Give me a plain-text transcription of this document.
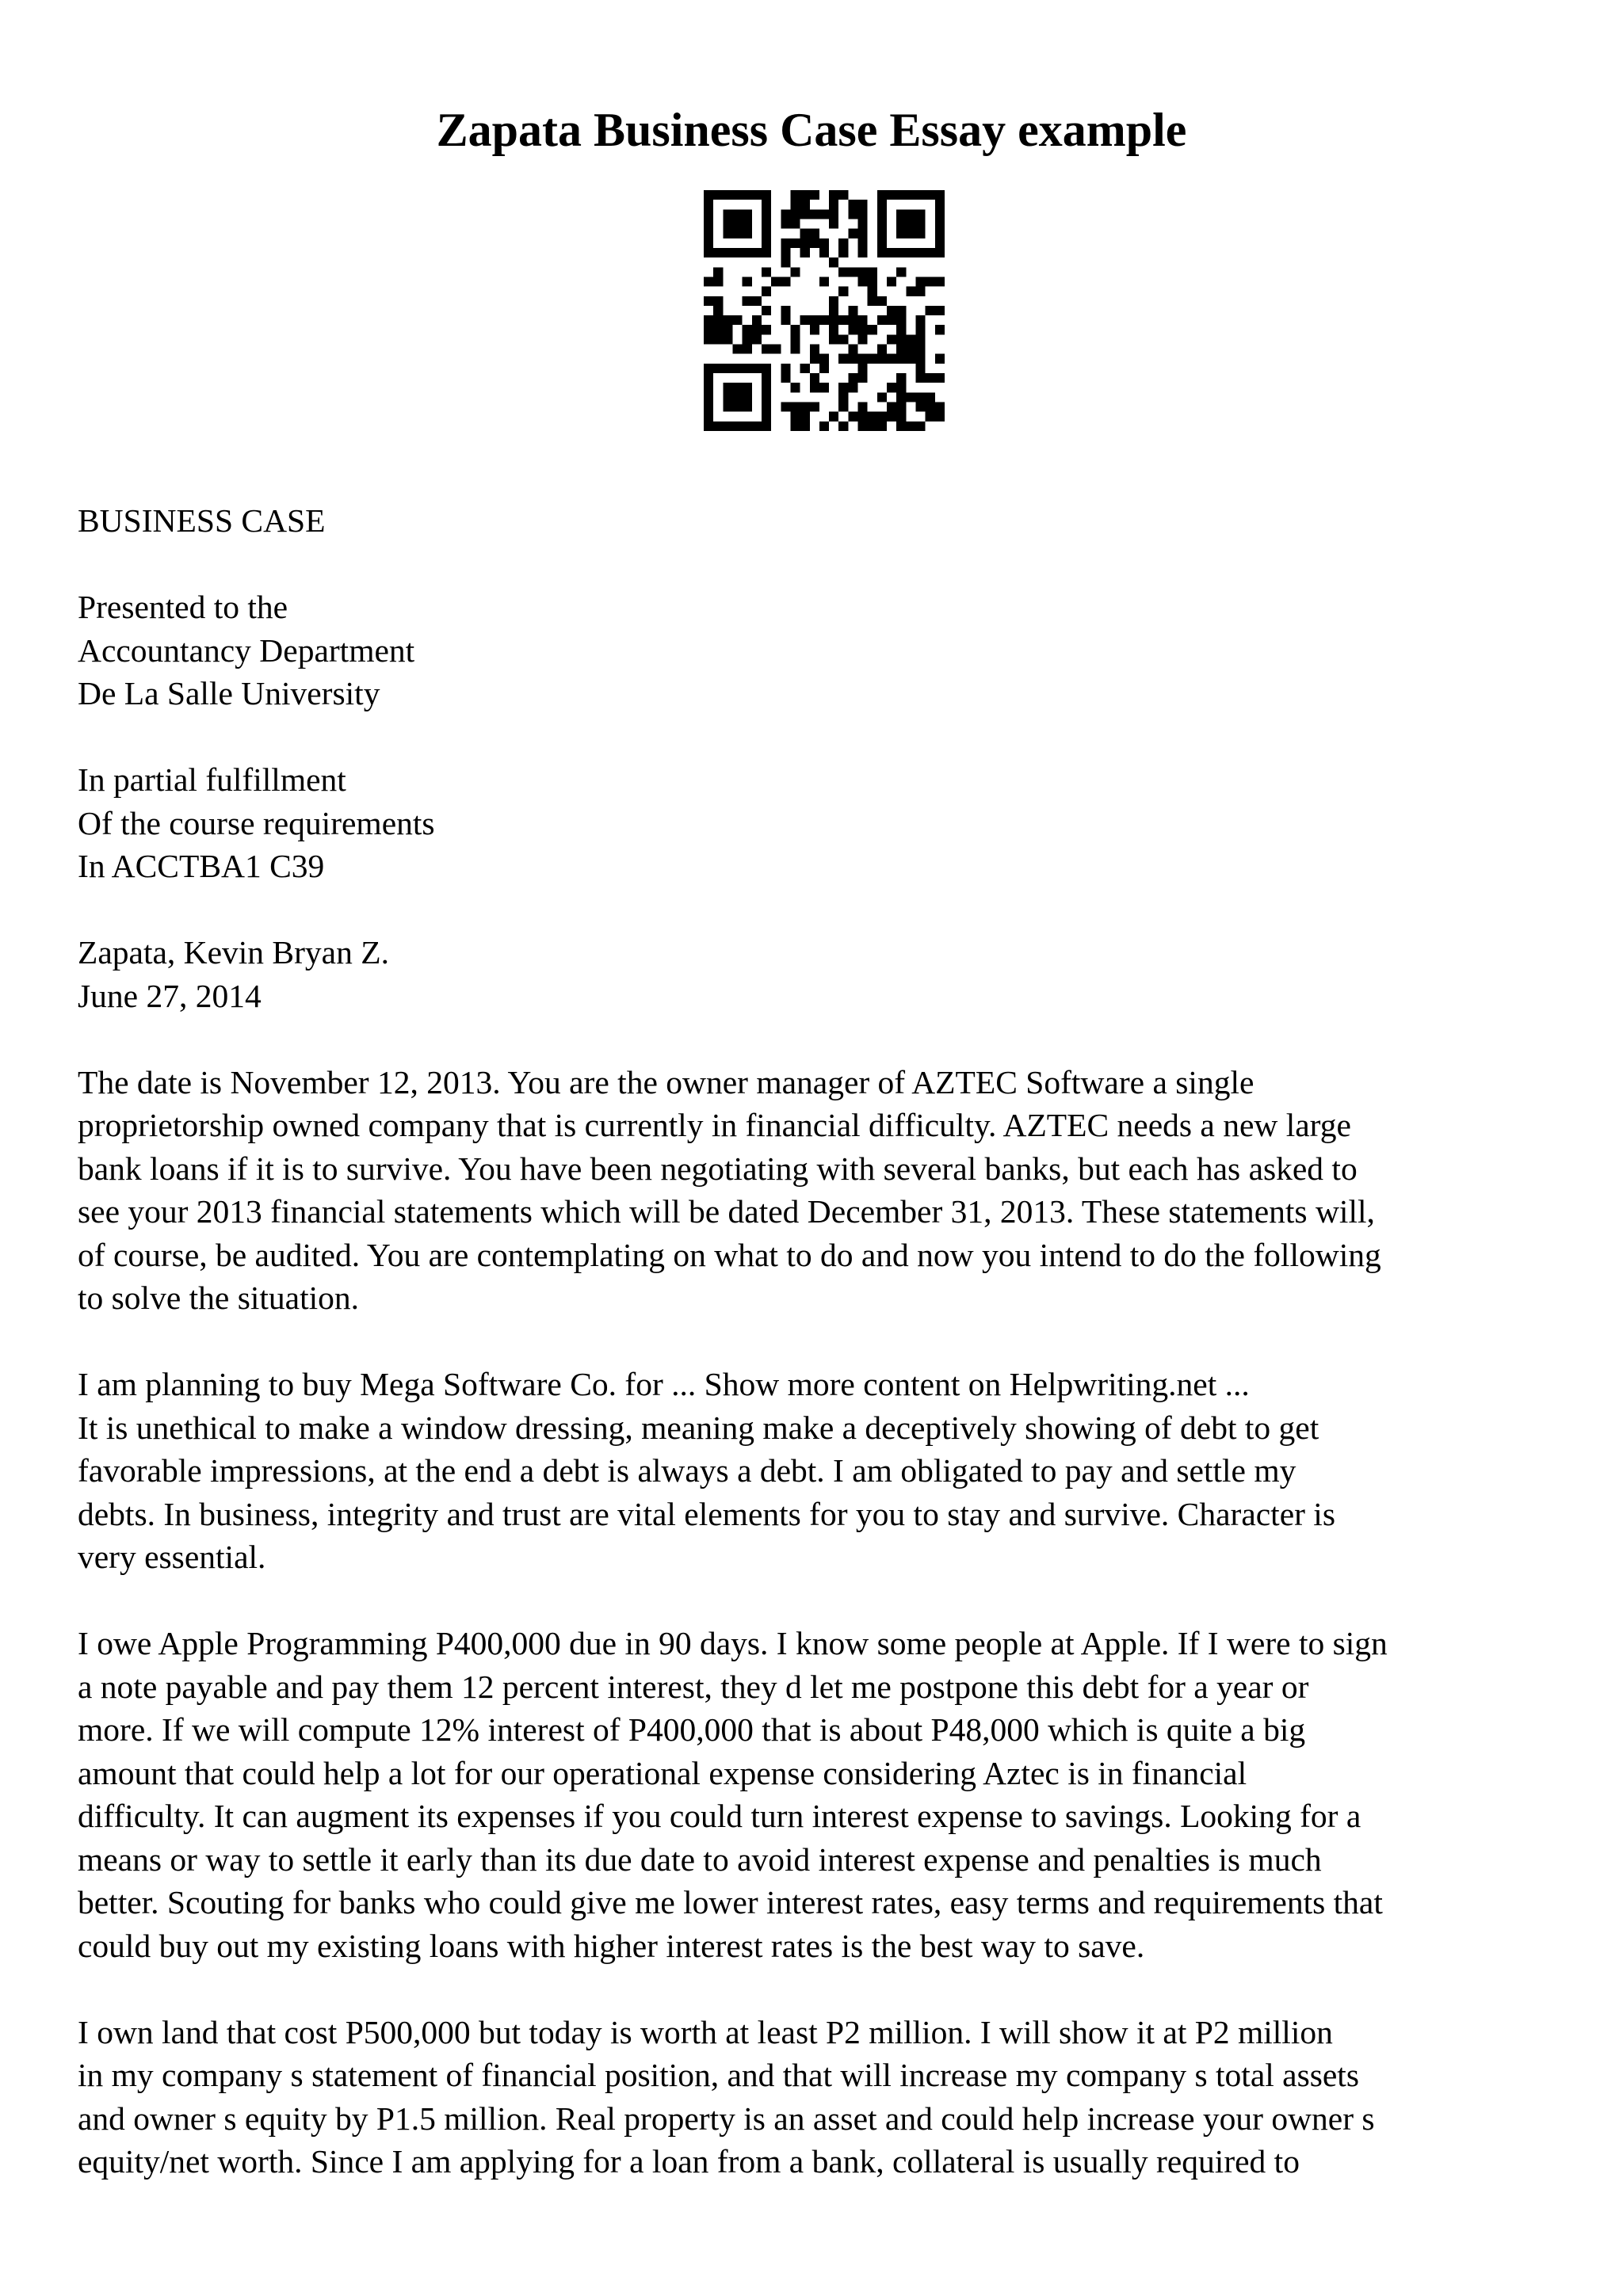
Zapata Business Case Essay example
BUSINESS CASE
Presented to the
Accountancy Department
De La Salle University
In partial fulfillment
Of the course requirements
In ACCTBA1 C39
Zapata, Kevin Bryan Z.
June 27, 2014
The date is November 12, 2013. You are the owner manager of AZTEC Software a single
proprietorship owned company that is currently in financial difficulty. AZTEC needs a new large
bank loans if it is to survive. You have been negotiating with several banks, but each has asked to
see your 2013 financial statements which will be dated December 31, 2013. These statements will,
of course, be audited. You are contemplating on what to do and now you intend to do the following
to solve the situation.
I am planning to buy Mega Software Co. for ... Show more content on Helpwriting.net ...
It is unethical to make a window dressing, meaning make a deceptively showing of debt to get
favorable impressions, at the end a debt is always a debt. I am obligated to pay and settle my
debts. In business, integrity and trust are vital elements for you to stay and survive. Character is
very essential.
I owe Apple Programming P400,000 due in 90 days. I know some people at Apple. If I were to sign
a note payable and pay them 12 percent interest, they d let me postpone this debt for a year or
more. If we will compute 12% interest of P400,000 that is about P48,000 which is quite a big
amount that could help a lot for our operational expense considering Aztec is in financial
difficulty. It can augment its expenses if you could turn interest expense to savings. Looking for a
means or way to settle it early than its due date to avoid interest expense and penalties is much
better. Scouting for banks who could give me lower interest rates, easy terms and requirements that
could buy out my existing loans with higher interest rates is the best way to save.
I own land that cost P500,000 but today is worth at least P2 million. I will show it at P2 million
in my company s statement of financial position, and that will increase my company s total assets
and owner s equity by P1.5 million. Real property is an asset and could help increase your owner s
equity/net worth. Since I am applying for a loan from a bank, collateral is usually required to
